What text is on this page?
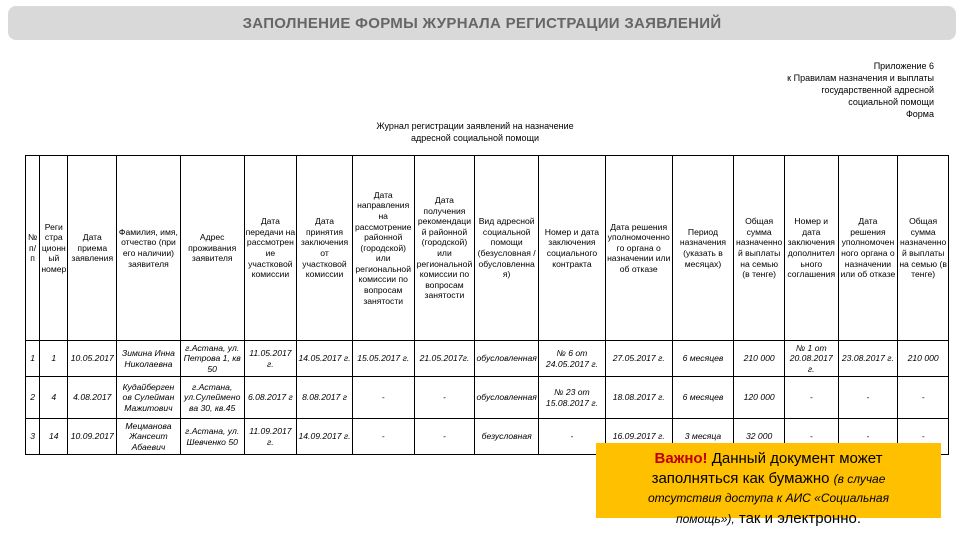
ЗАПОЛНЕНИЕ ФОРМЫ ЖУРНАЛА РЕГИСТРАЦИИ ЗАЯВЛЕНИЙ
Приложение 6
к Правилам назначения и выплаты
государственной адресной
социальной помощи
Форма
Журнал регистрации заявлений на назначение
адресной социальной помощи
№ п/п	Реги стра ционный номер	Дата приема заявления	Фамилия, имя, отчество (при его наличии) заявителя	Адрес проживания заявителя	Дата передачи на рассмотрение участковой комиссии	Дата принятия заключения от участковой комиссии	Дата направления на рассмотрение районной (городской) или региональной комиссии по вопросам занятости	Дата получения рекомендаций районной (городской) или региональной комиссии по вопросам занятости	Вид адресной социальной помощи (безусловная /обусловленная)	Номер и дата заключения социального контракта	Дата решения уполномоченного органа о назначении или об отказе	Период назначения (указать в месяцах)	Общая сумма назначенной выплаты на семью (в тенге)	Номер и дата заключения дополнительного соглашения	Дата решения уполномоченного органа о назначении или об отказе	Общая сумма назначенной выплаты на семью (в тенге)
1	1	10.05.2017	Зимина Инна Николаевна	г.Астана, ул. Петрова 1, кв 50	11.05.2017 г.	14.05.2017 г.	15.05.2017 г.	21.05.2017г.	обусловленная	№ 6 от 24.05.2017 г.	27.05.2017 г.	6 месяцев	210 000	№ 1 от 20.08.2017 г.	23.08.2017 г.	210 000
2	4	4.08.2017	Кудайберген ов Сулейман Мажитович	г.Астана, ул.Сулейменова 30, кв.45	6.08.2017 г	8.08.2017 г	-	-	обусловленная	№ 23 от 15.08.2017 г.	18.08.2017 г.	6 месяцев	120 000	-	-	-
3	14	10.09.2017	Мецманова Жансеит Абаевич	г.Астана, ул. Шевченко 50	11.09.2017 г.	14.09.2017 г.	-	-	безусловная	-	16.09.2017 г.	3 месяца	32 000	-	-	-
Важно! Данный документ может
заполняться как бумажно (в случае
отсутствия доступа к АИС «Социальная
помощь»), так и электронно.
